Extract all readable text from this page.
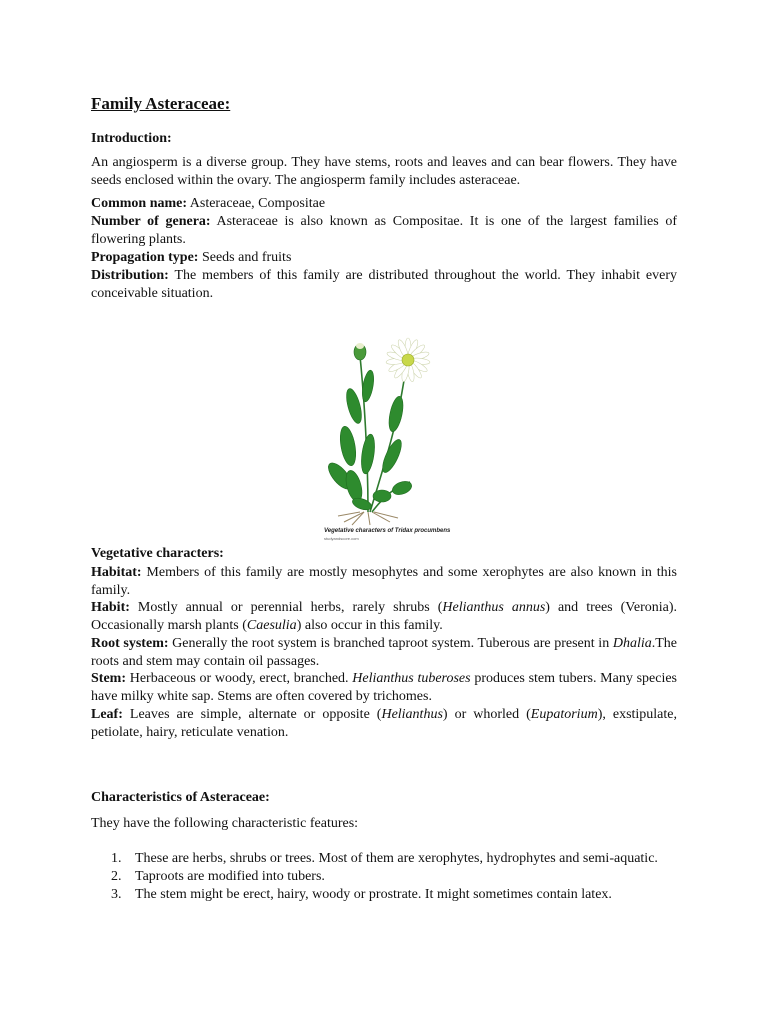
Family Asteraceae:
Introduction:
An angiosperm is a diverse group. They have stems, roots and leaves and can bear flowers. They have seeds enclosed within the ovary. The angiosperm family includes asteraceae.
Common name: Asteraceae, Compositae
Number of genera: Asteraceae is also known as Compositae. It is one of the largest families of flowering plants.
Propagation type: Seeds and fruits
Distribution: The members of this family are distributed throughout the world. They inhabit every conceivable situation.
Vegetative characters of Tridax procumbens
studyandscore.com
Vegetative characters:
Habitat: Members of this family are mostly mesophytes and some xerophytes are also known in this family.
Habit: Mostly annual or perennial herbs, rarely shrubs (Helianthus annus) and trees (Veronia). Occasionally marsh plants (Caesulia) also occur in this family.
Root system: Generally the root system is branched taproot system. Tuberous are present in Dhalia.The roots and stem may contain oil passages.
Stem: Herbaceous or woody, erect, branched. Helianthus tuberoses produces stem tubers. Many species have milky white sap. Stems are often covered by trichomes.
Leaf: Leaves are simple, alternate or opposite (Helianthus) or whorled (Eupatorium), exstipulate, petiolate, hairy, reticulate venation.
Characteristics of Asteraceae:
They have the following characteristic features:
1. These are herbs, shrubs or trees. Most of them are xerophytes, hydrophytes and semi-aquatic.
2. Taproots are modified into tubers.
3. The stem might be erect, hairy, woody or prostrate. It might sometimes contain latex.
